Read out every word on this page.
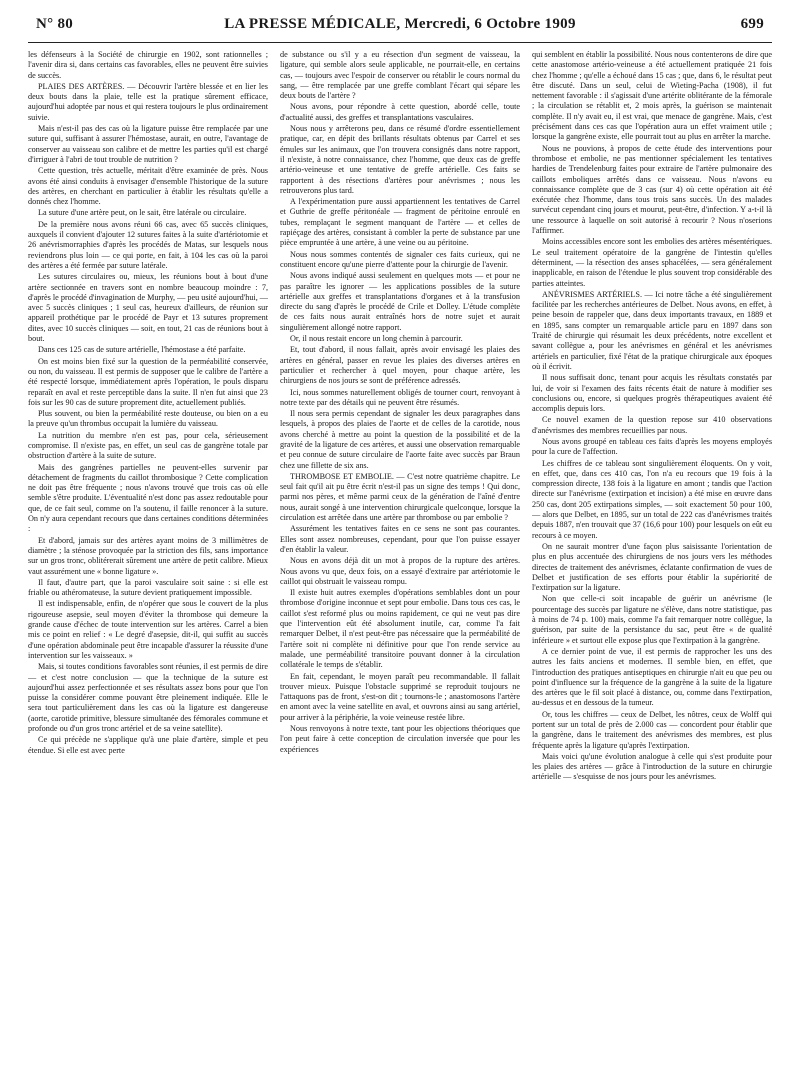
N° 80	LA PRESSE MÉDICALE, Mercredi, 6 Octobre 1909	699

les défenseurs à la Société de chirurgie en 1902, sont rationnelles ; l'avenir dira si, dans certains cas favorables, elles ne peuvent être suivies de succès.

PLAIES DES ARTÈRES. — Découvrir l'artère blessée et en lier les deux bouts dans la plaie, telle est la pratique sûrement efficace, aujourd'hui adoptée par nous et qui restera toujours le plus ordinairement suivie.

Mais n'est-il pas des cas où la ligature puisse être remplacée par une suture qui, suffisant à assurer l'hémostase, aurait, en outre, l'avantage de conserver au vaisseau son calibre et de mettre les parties qu'il est chargé d'irriguer à l'abri de tout trouble de nutrition ?

Cette question, très actuelle, méritait d'être examinée de près. Nous avons été ainsi conduits à envisager d'ensemble l'historique de la suture des artères, en cherchant en particulier à établir les résultats qu'elle a donnés chez l'homme.

La suture d'une artère peut, on le sait, être latérale ou circulaire.

De la première nous avons réuni 66 cas, avec 65 succès cliniques, auxquels il convient d'ajouter 12 sutures faites à la suite d'artériotomie et 26 anévrismorraphies d'après les procédés de Matas, sur lesquels nous reviendrons plus loin — ce qui porte, en fait, à 104 les cas où la paroi des artères a été fermée par suture latérale.

Les sutures circulaires ou, mieux, les réunions bout à bout d'une artère sectionnée en travers sont en nombre beaucoup moindre : 7, d'après le procédé d'invagination de Murphy, — peu usité aujourd'hui, — avec 5 succès cliniques ; 1 seul cas, heureux d'ailleurs, de réunion sur appareil prothétique par le procédé de Payr et 13 sutures proprement dites, avec 10 succès cliniques — soit, en tout, 21 cas de réunions bout à bout.

Dans ces 125 cas de suture artérielle, l'hémostase a été parfaite.

On est moins bien fixé sur la question de la perméabilité conservée, ou non, du vaisseau. Il est permis de supposer que le calibre de l'artère a été respecté lorsque, immédiatement après l'opération, le pouls disparu reparaît en aval et reste perceptible dans la suite. Il n'en fut ainsi que 23 fois sur les 90 cas de suture proprement dite, actuellement publiés.

Plus souvent, ou bien la perméabilité reste douteuse, ou bien on a eu la preuve qu'un thrombus occupait la lumière du vaisseau.

La nutrition du membre n'en est pas, pour cela, sérieusement compromise. Il n'existe pas, en effet, un seul cas de gangrène totale par obstruction d'artère à la suite de suture.

Mais des gangrènes partielles ne peuvent-elles survenir par détachement de fragments du caillot thrombosique ? Cette complication ne doit pas être fréquente ; nous n'avons trouvé que trois cas où elle semble s'être produite. L'éventualité n'est donc pas assez redoutable pour que, de ce fait seul, comme on l'a soutenu, il faille renoncer à la suture. On n'y aura cependant recours que dans certaines conditions déterminées :

Et d'abord, jamais sur des artères ayant moins de 3 millimètres de diamètre ; la sténose provoquée par la striction des fils, sans importance sur un gros tronc, oblitérerait sûrement une artère de petit calibre. Mieux vaut assurément une « bonne ligature ».

Il faut, d'autre part, que la paroi vasculaire soit saine : si elle est friable ou athéromateuse, la suture devient pratiquement impossible.

Il est indispensable, enfin, de n'opérer que sous le couvert de la plus rigoureuse asepsie, seul moyen d'éviter la thrombose qui demeure la grande cause d'échec de toute intervention sur les artères. Carrel a bien mis ce point en relief : « Le degré d'asepsie, dit-il, qui suffit au succès d'une opération abdominale peut être incapable d'assurer la réussite d'une intervention sur les vaisseaux. »

Mais, si toutes conditions favorables sont réunies, il est permis de dire — et c'est notre conclusion — que la technique de la suture est aujourd'hui assez perfectionnée et ses résultats assez bons pour que l'on puisse la considérer comme pouvant être pleinement indiquée. Elle le sera tout particulièrement dans les cas où la ligature est dangereuse (aorte, carotide primitive, blessure simultanée des fémorales commune et profonde ou d'un gros tronc artériel et de sa veine satellite).

Ce qui précède ne s'applique qu'à une plaie d'artère, simple et peu étendue. Si elle est avec perte

de substance ou s'il y a eu résection d'un segment de vaisseau, la ligature, qui semble alors seule applicable, ne pourrait-elle, en certains cas, — toujours avec l'espoir de conserver ou rétablir le cours normal du sang, — être remplacée par une greffe comblant l'écart qui sépare les deux bouts de l'artère ?

Nous avons, pour répondre à cette question, abordé celle, toute d'actualité aussi, des greffes et transplantations vasculaires.

Nous nous y arrêterons peu, dans ce résumé d'ordre essentiellement pratique, car, en dépit des brillants résultats obtenus par Carrel et ses émules sur les animaux, que l'on trouvera consignés dans notre rapport, il n'existe, à notre connaissance, chez l'homme, que deux cas de greffe artério-veineuse et une tentative de greffe artérielle. Ces faits se rapportent à des résections d'artères pour anévrismes ; nous les retrouverons plus tard.

A l'expérimentation pure aussi appartiennent les tentatives de Carrel et Guthrie de greffe péritonéale — fragment de péritoine enroulé en tubes, remplaçant le segment manquant de l'artère — et celles de rapiéçage des artères, consistant à combler la perte de substance par une pièce empruntée à une artère, à une veine ou au péritoine.

Nous nous sommes contentés de signaler ces faits curieux, qui ne constituent encore qu'une pierre d'attente pour la chirurgie de l'avenir.

Nous avons indiqué aussi seulement en quelques mots — et pour ne pas paraître les ignorer — les applications possibles de la suture artérielle aux greffes et transplantations d'organes et à la transfusion directe du sang d'après le procédé de Crile et Dolley. L'étude complète de ces faits nous aurait entraînés hors de notre sujet et aurait singulièrement allongé notre rapport.

Or, il nous restait encore un long chemin à parcourir.

Et, tout d'abord, il nous fallait, après avoir envisagé les plaies des artères en général, passer en revue les plaies des diverses artères en particulier et rechercher à quel moyen, pour chaque artère, les chirurgiens de nos jours se sont de préférence adressés.

Ici, nous sommes naturellement obligés de tourner court, renvoyant à notre texte par des détails qui ne peuvent être résumés.

Il nous sera permis cependant de signaler les deux paragraphes dans lesquels, à propos des plaies de l'aorte et de celles de la carotide, nous avons cherché à mettre au point la question de la possibilité et de la gravité de la ligature de ces artères, et aussi une observation remarquable et peu connue de suture circulaire de l'aorte faite avec succès par Braun chez une fillette de six ans.

THROMBOSE ET EMBOLIE. — C'est notre quatrième chapitre. Le seul fait qu'il ait pu être écrit n'est-il pas un signe des temps ! Qui donc, parmi nos pères, et même parmi ceux de la génération de l'aîné d'entre nous, aurait songé à une intervention chirurgicale quelconque, lorsque la circulation est arrêtée dans une artère par thrombose ou par embolie ?

Assurément les tentatives faites en ce sens ne sont pas courantes. Elles sont assez nombreuses, cependant, pour que l'on puisse essayer d'en établir la valeur.

Nous en avons déjà dit un mot à propos de la rupture des artères. Nous avons vu que, deux fois, on a essayé d'extraire par artériotomie le caillot qui obstruait le vaisseau rompu.

Il existe huit autres exemples d'opérations semblables dont un pour thrombose d'origine inconnue et sept pour embolie. Dans tous ces cas, le caillot s'est reformé plus ou moins rapidement, ce qui ne veut pas dire que l'intervention eût été absolument inutile, car, comme l'a fait remarquer Delbet, il n'est peut-être pas nécessaire que la perméabilité de l'artère soit ni complète ni définitive pour que l'on rende service au malade, une perméabilité transitoire pouvant donner à la circulation collatérale le temps de s'établir.

En fait, cependant, le moyen paraît peu recommandable. Il fallait trouver mieux. Puisque l'obstacle supprimé se reproduit toujours ne l'attaquons pas de front, s'est-on dit ; tournons-le ; anastomosons l'artère en amont avec la veine satellite en aval, et ouvrons ainsi au sang artériel, pour arriver à la périphérie, la voie veineuse restée libre.

Nous renvoyons à notre texte, tant pour les objections théoriques que l'on peut faire à cette conception de circulation inversée que pour les expériences

qui semblent en établir la possibilité. Nous nous contenterons de dire que cette anastomose artério-veineuse a été actuellement pratiquée 21 fois chez l'homme ; qu'elle a échoué dans 15 cas ; que, dans 6, le résultat peut être discuté. Dans un seul, celui de Wieting-Pacha (1908), il fut nettement favorable : il s'agissait d'une artérite oblitérante de la fémorale ; la circulation se rétablit et, 2 mois après, la guérison se maintenait complète. Il n'y avait eu, il est vrai, que menace de gangrène. Mais, c'est précisément dans ces cas que l'opération aura un effet vraiment utile ; lorsque la gangrène existe, elle pourrait tout au plus en arrêter la marche.

Nous ne pouvions, à propos de cette étude des interventions pour thrombose et embolie, ne pas mentionner spécialement les tentatives hardies de Trendelenburg faites pour extraire de l'artère pulmonaire des caillots emboliques arrêtés dans ce vaisseau. Nous n'avons eu connaissance complète que de 3 cas (sur 4) où cette opération ait été exécutée chez l'homme, dans tous trois sans succès. Un des malades survécut cependant cinq jours et mourut, peut-être, d'infection. Y a-t-il là une ressource à laquelle on soit autorisé à recourir ? Nous n'oserions l'affirmer.

Moins accessibles encore sont les embolies des artères mésentériques. Le seul traitement opératoire de la gangrène de l'intestin qu'elles déterminent, — la résection des anses sphacélées, — sera généralement inapplicable, en raison de l'étendue le plus souvent trop considérable des parties atteintes.

ANÉVRISMES ARTÉRIELS. — Ici notre tâche a été singulièrement facilitée par les recherches antérieures de Delbet. Nous avons, en effet, à peine besoin de rappeler que, dans deux importants travaux, en 1889 et en 1895, sans compter un remarquable article paru en 1897 dans son Traité de chirurgie qui résumait les deux précédents, notre excellent et savant collègue a, pour les anévrismes en général et les anévrismes artériels en particulier, fixé l'état de la pratique chirurgicale aux époques où il écrivit.

Il nous suffisait donc, tenant pour acquis les résultats constatés par lui, de voir si l'examen des faits récents était de nature à modifier ses conclusions ou, encore, si quelques progrès thérapeutiques avaient été accomplis depuis lors.

Ce nouvel examen de la question repose sur 410 observations d'anévrismes des membres recueillies par nous.

Nous avons groupé en tableau ces faits d'après les moyens employés pour la cure de l'affection.

Les chiffres de ce tableau sont singulièrement éloquents. On y voit, en effet, que, dans ces 410 cas, l'on n'a eu recours que 19 fois à la compression directe, 138 fois à la ligature en amont ; tandis que l'action directe sur l'anévrisme (extirpation et incision) a été mise en œuvre dans 250 cas, dont 205 extirpations simples, — soit exactement 50 pour 100, — alors que Delbet, en 1895, sur un total de 222 cas d'anévrismes traités depuis 1887, n'en trouvait que 37 (16,6 pour 100) pour lesquels on eût eu recours à ce moyen.

On ne saurait montrer d'une façon plus saisissante l'orientation de plus en plus accentuée des chirurgiens de nos jours vers les méthodes directes de traitement des anévrismes, éclatante confirmation de vues de Delbet et justification de ses efforts pour établir la supériorité de l'extirpation sur la ligature.

Non que celle-ci soit incapable de guérir un anévrisme (le pourcentage des succès par ligature ne s'élève, dans notre statistique, pas à moins de 74 p. 100) mais, comme l'a fait remarquer notre collègue, la guérison, par suite de la persistance du sac, peut être « de qualité inférieure » et surtout elle expose plus que l'extirpation à la gangrène.

A ce dernier point de vue, il est permis de rapprocher les uns des autres les faits anciens et modernes. Il semble bien, en effet, que l'introduction des pratiques antiseptiques en chirurgie n'ait eu que peu ou point d'influence sur la fréquence de la gangrène à la suite de la ligature des artères que le fil soit placé à distance, ou, comme dans l'extirpation, au-dessus et en dessous de la tumeur.

Or, tous les chiffres — ceux de Delbet, les nôtres, ceux de Wolff qui portent sur un total de près de 2.000 cas — concordent pour établir que la gangrène, dans le traitement des anévrismes des membres, est plus fréquente après la ligature qu'après l'extirpation.

Mais voici qu'une évolution analogue à celle qui s'est produite pour les plaies des artères — grâce à l'introduction de la suture en chirurgie artérielle — s'esquisse de nos jours pour les anévrismes.
